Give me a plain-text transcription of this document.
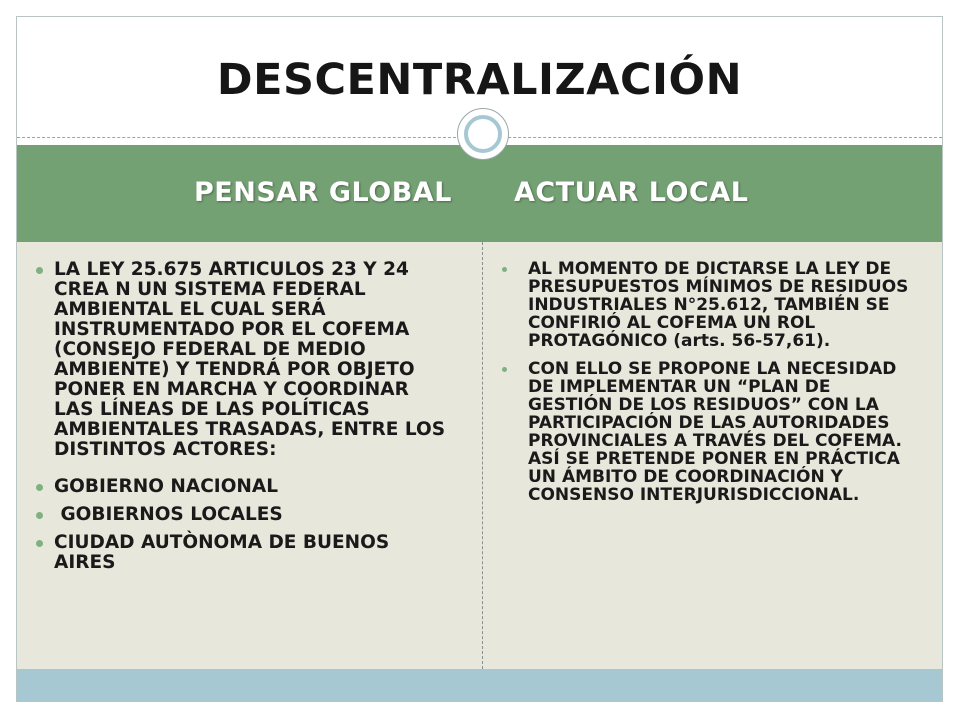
DESCENTRALIZACIÓN
PENSAR GLOBAL ACTUAR LOCAL
LA LEY 25.675 ARTICULOS 23 Y 24 CREA N UN SISTEMA FEDERAL AMBIENTAL EL CUAL SERÁ INSTRUMENTADO POR EL COFEMA (CONSEJO FEDERAL DE MEDIO AMBIENTE) Y TENDRÁ POR OBJETO PONER EN MARCHA Y COORDINAR LAS LÍNEAS DE LAS POLÍTICAS AMBIENTALES TRASADAS, ENTRE LOS DISTINTOS ACTORES:
GOBIERNO NACIONAL
GOBIERNOS LOCALES
CIUDAD AUTÒNOMA DE BUENOS AIRES
AL MOMENTO DE DICTARSE LA LEY DE PRESUPUESTOS MÍNIMOS DE RESIDUOS INDUSTRIALES N°25.612, TAMBIÉN SE CONFIRIÓ AL COFEMA UN ROL PROTAGÓNICO (arts. 56-57,61).
CON ELLO SE PROPONE LA NECESIDAD DE IMPLEMENTAR UN “PLAN DE GESTIÓN DE LOS RESIDUOS” CON LA PARTICIPACIÓN DE LAS AUTORIDADES PROVINCIALES A TRAVÉS DEL COFEMA. ASÍ SE PRETENDE PONER EN PRÁCTICA UN ÁMBITO DE COORDINACIÓN Y CONSENSO INTERJURISDICCIONAL.
